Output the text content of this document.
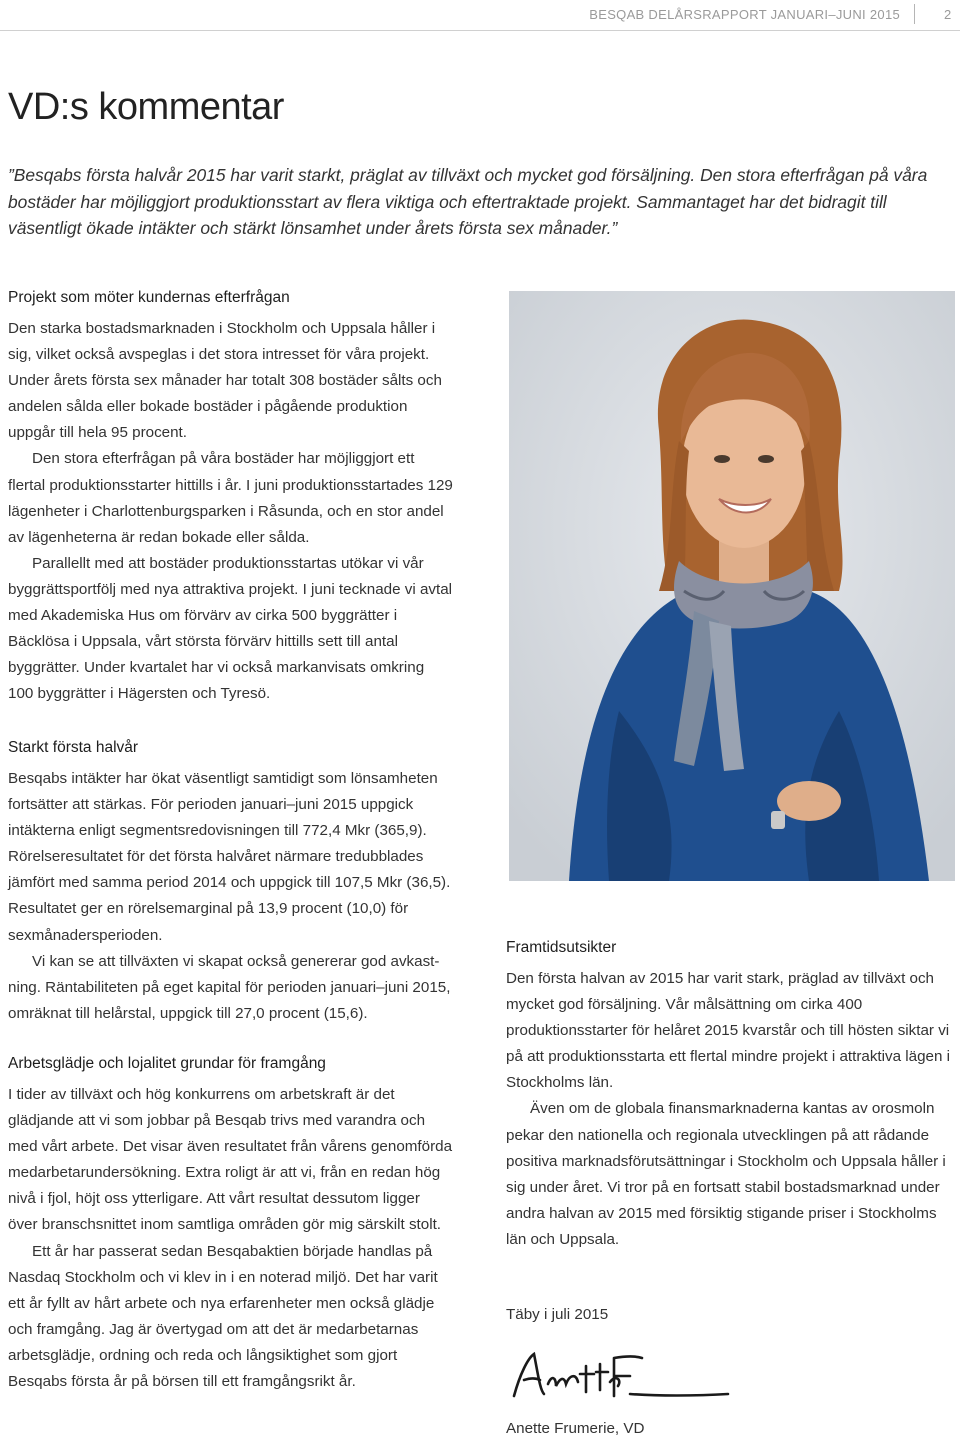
BESQAB DELÅRSRAPPORT JANUARI–JUNI 2015	2
VD:s kommentar

”Besqabs första halvår 2015 har varit starkt, präglat av tillväxt och mycket god försäljning. Den stora efterfrågan på våra bostäder har möjliggjort produktionsstart av flera viktiga och eftertraktade projekt. Sammantaget har det bidragit till väsentligt ökade intäkter och stärkt lönsamhet under årets första sex månader.”

Projekt som möter kundernas efterfrågan

Den starka bostadsmarknaden i Stockholm och Uppsala håller i sig, vilket också avspeglas i det stora intresset för våra projekt. Under årets första sex månader har totalt 308 bostäder sålts och andelen sålda eller bokade bostäder i pågående produktion uppgår till hela 95 procent.

Den stora efterfrågan på våra bostäder har möjliggjort ett flertal produktionsstarter hittills i år. I juni produktionsstartades 129 lägenheter i Charlottenburgsparken i Råsunda, och en stor andel av lägenheterna är redan bokade eller sålda.

Parallellt med att bostäder produktionsstartas utökar vi vår byggrättsportfölj med nya attraktiva projekt. I juni tecknade vi avtal med Akademiska Hus om förvärv av cirka 500 byggrätter i Bäcklösa i Uppsala, vårt största förvärv hittills sett till antal byggrätter. Under kvartalet har vi också markanvisats omkring 100 byggrätter i Hägersten och Tyresö.

Starkt första halvår

Besqabs intäkter har ökat väsentligt samtidigt som lönsamheten fortsätter att stärkas. För perioden januari–juni 2015 uppgick intäkterna enligt segmentsredovisningen till 772,4 Mkr (365,9). Rörelseresultatet för det första halvåret närmare tredubblades jämfört med samma period 2014 och uppgick till 107,5 Mkr (36,5). Resultatet ger en rörelsemarginal på 13,9 procent (10,0) för sexmånadersperioden.

Vi kan se att tillväxten vi skapat också genererar god avkastning. Räntabiliteten på eget kapital för perioden januari–juni 2015, omräknat till helårstal, uppgick till 27,0 procent (15,6).

Arbetsglädje och lojalitet grundar för framgång

I tider av tillväxt och hög konkurrens om arbetskraft är det glädjande att vi som jobbar på Besqab trivs med varandra och med vårt arbete. Det visar även resultatet från vårens genomförda medarbetarundersökning. Extra roligt är att vi, från en redan hög nivå i fjol, höjt oss ytterligare. Att vårt resultat dessutom ligger över branschsnittet inom samtliga områden gör mig särskilt stolt.

Ett år har passerat sedan Besqabaktien började handlas på Nasdaq Stockholm och vi klev in i en noterad miljö. Det har varit ett år fyllt av hårt arbete och nya erfarenheter men också glädje och framgång. Jag är övertygad om att det är medarbetarnas arbetsglädje, ordning och reda och långsiktighet som gjort Besqabs första år på börsen till ett framgångsrikt år.

Framtidsutsikter

Den första halvan av 2015 har varit stark, präglad av tillväxt och mycket god försäljning. Vår målsättning om cirka 400 produktionsstarter för helåret 2015 kvarstår och till hösten siktar vi på att produktionsstarta ett flertal mindre projekt i attraktiva lägen i Stockholms län.

Även om de globala finansmarknaderna kantas av orosmoln pekar den nationella och regionala utvecklingen på att rådande positiva marknadsförutsättningar i Stockholm och Uppsala håller i sig under året. Vi tror på en fortsatt stabil bostadsmarknad under andra halvan av 2015 med försiktig stigande priser i Stockholms län och Uppsala.

Täby i juli 2015
Anette Frumerie, VD
